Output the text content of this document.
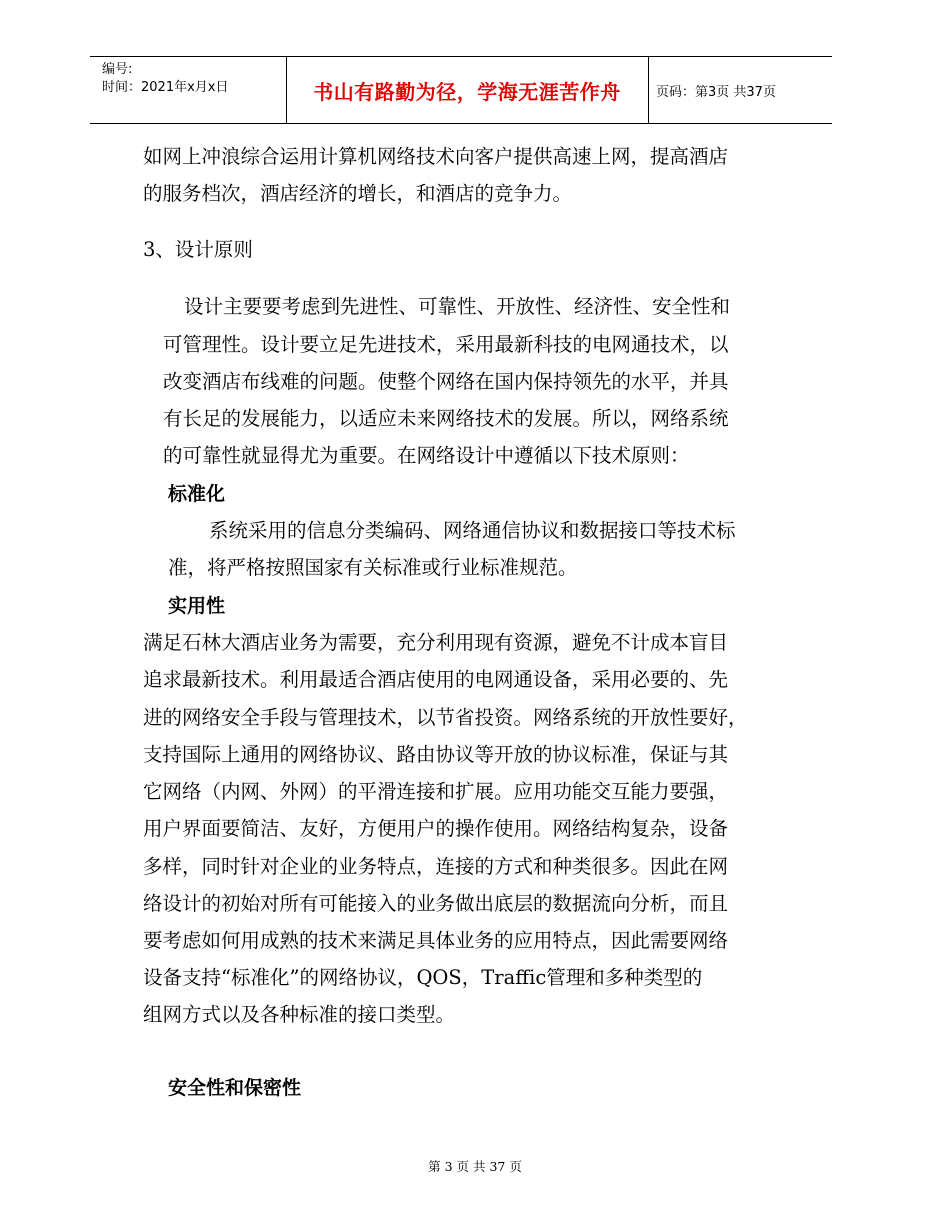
编号:
时间：2021年x月x日	书山有路勤为径，学海无涯苦作舟	页码：第3页 共37页
如网上冲浪综合运用计算机网络技术向客户提供高速上网，提高酒店
的服务档次，酒店经济的增长，和酒店的竞争力。
3、设计原则
设计主要要考虑到先进性、可靠性、开放性、经济性、安全性和
可管理性。设计要立足先进技术，采用最新科技的电网通技术，以
改变酒店布线难的问题。使整个网络在国内保持领先的水平，并具
有长足的发展能力，以适应未来网络技术的发展。所以，网络系统
的可靠性就显得尤为重要。在网络设计中遵循以下技术原则：
标准化
系统采用的信息分类编码、网络通信协议和数据接口等技术标
准，将严格按照国家有关标准或行业标准规范。
实用性
满足石林大酒店业务为需要，充分利用现有资源，避免不计成本盲目
追求最新技术。利用最适合酒店使用的电网通设备，采用必要的、先
进的网络安全手段与管理技术，以节省投资。网络系统的开放性要好，
支持国际上通用的网络协议、路由协议等开放的协议标准，保证与其
它网络（内网、外网）的平滑连接和扩展。应用功能交互能力要强，
用户界面要简洁、友好，方便用户的操作使用。网络结构复杂，设备
多样，同时针对企业的业务特点，连接的方式和种类很多。因此在网
络设计的初始对所有可能接入的业务做出底层的数据流向分析，而且
要考虑如何用成熟的技术来满足具体业务的应用特点，因此需要网络
设备支持“标准化”的网络协议，QOS，Traffic管理和多种类型的
组网方式以及各种标准的接口类型。
安全性和保密性
第 3 页 共 37 页
